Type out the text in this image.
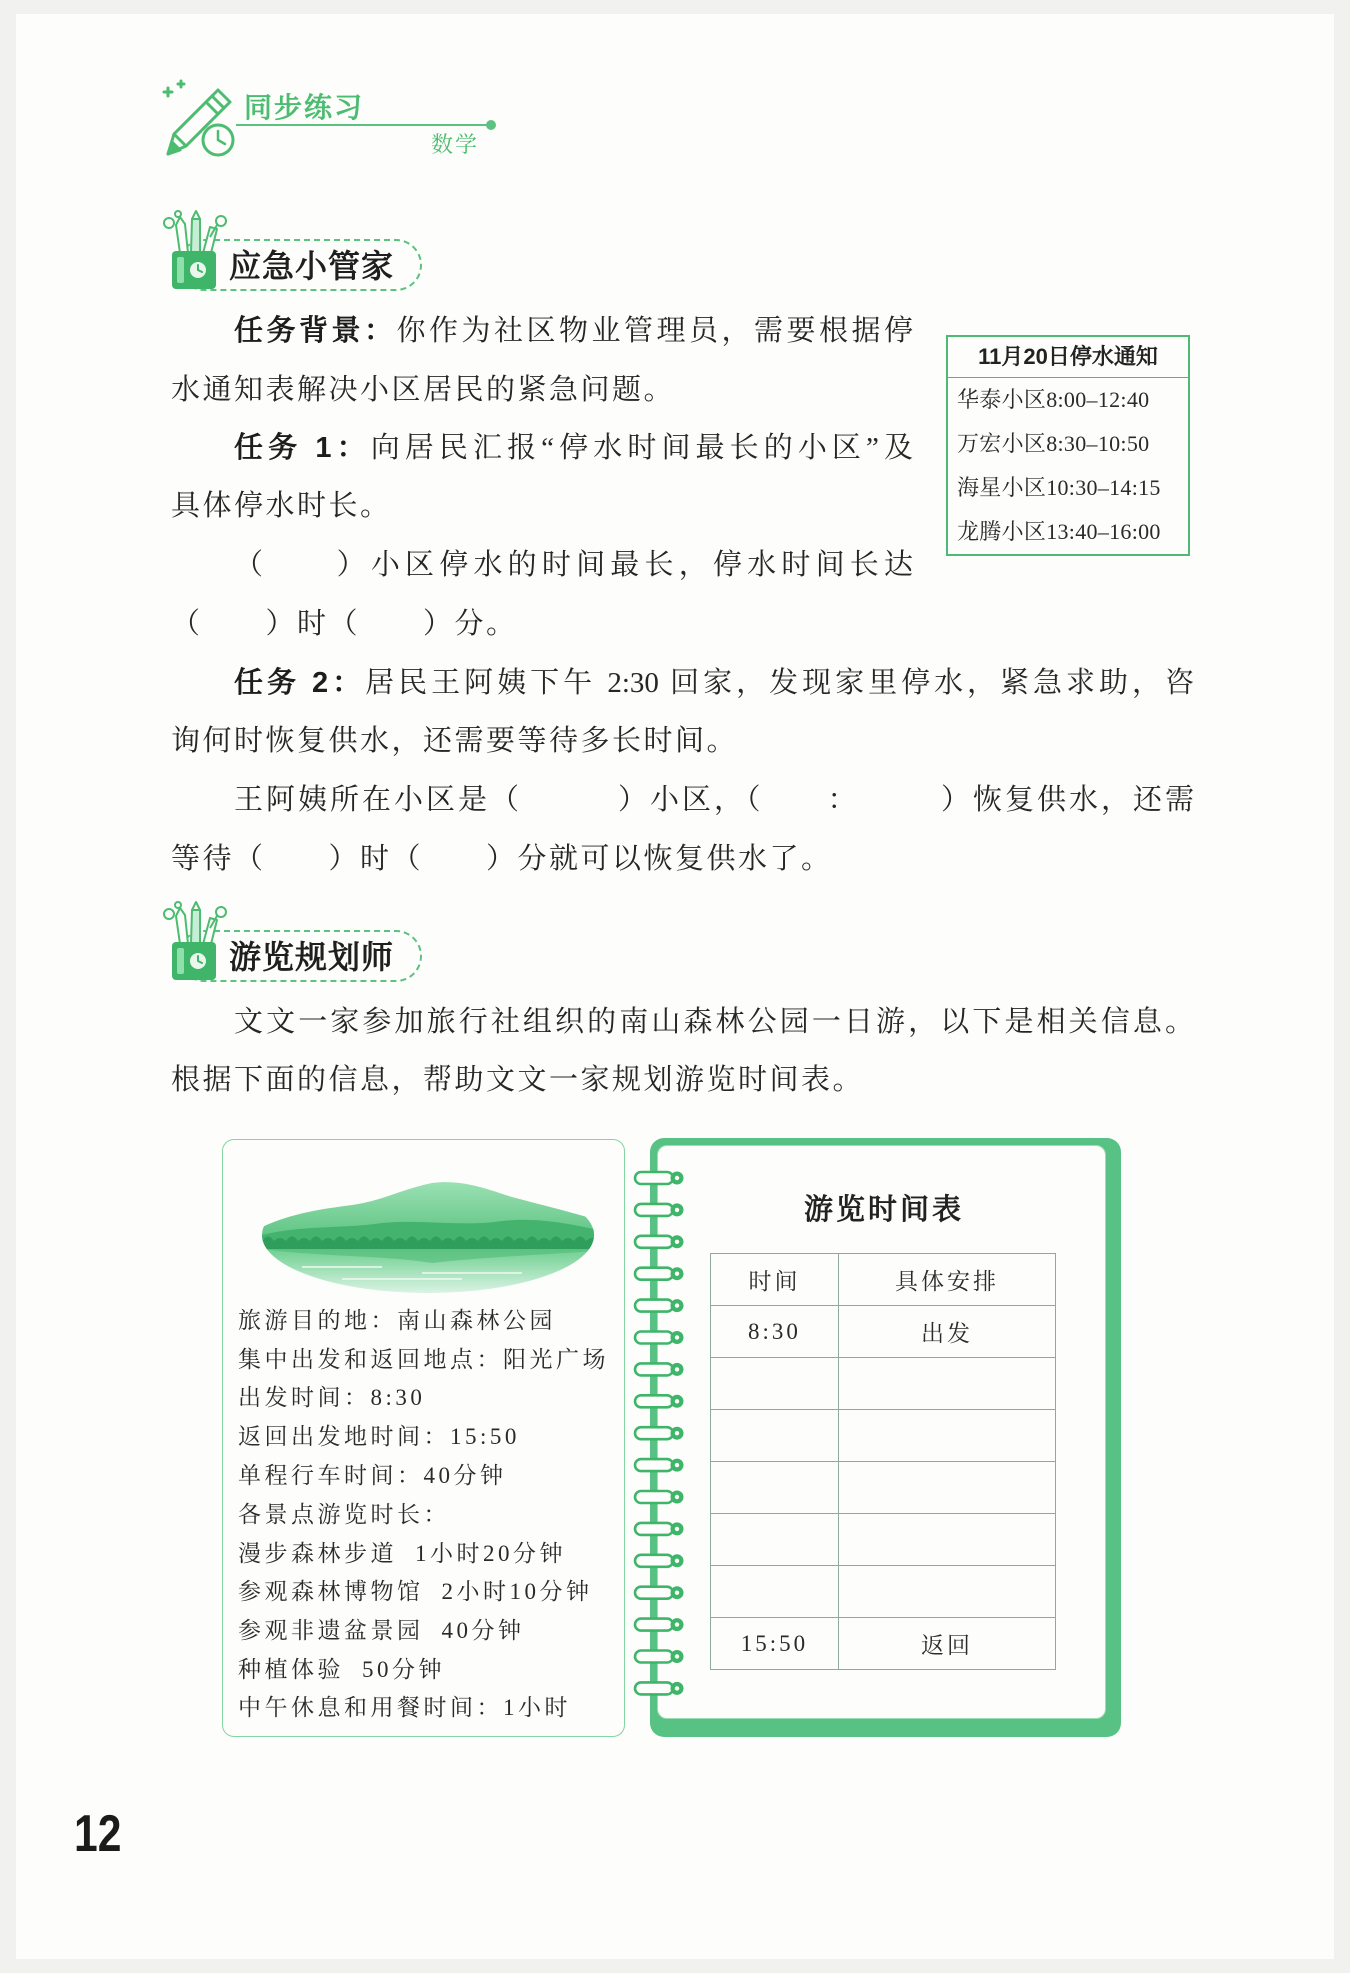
同步练习
数学
应急小管家
任务背景：你作为社区物业管理员，需要根据停
水通知表解决小区居民的紧急问题。
任务 1：向居民汇报“停水时间最长的小区”及
具体停水时长。
（　　）小区停水的时间最长，停水时间长达
（　　）时（　　）分。
任务 2：居民王阿姨下午 2:30 回家，发现家里停水，紧急求助，咨
询何时恢复供水，还需要等待多长时间。
王阿姨所在小区是（　　　）小区，（　　：　　　）恢复供水，还需
等待（　　）时（　　）分就可以恢复供水了。
11月20日停水通知
华泰小区8:00–12:40
万宏小区8:30–10:50
海星小区10:30–14:15
龙腾小区13:40–16:00
游览规划师
文文一家参加旅行社组织的南山森林公园一日游，以下是相关信息。
根据下面的信息，帮助文文一家规划游览时间表。
旅游目的地：南山森林公园
集中出发和返回地点：阳光广场
出发时间：8:30
返回出发地时间：15:50
单程行车时间：40分钟
各景点游览时长：
漫步森林步道 1小时20分钟
参观森林博物馆 2小时10分钟
参观非遗盆景园 40分钟
种植体验 50分钟
中午休息和用餐时间：1小时
游览时间表
时间	具体安排
8:30	出发

15:50	返回
12
